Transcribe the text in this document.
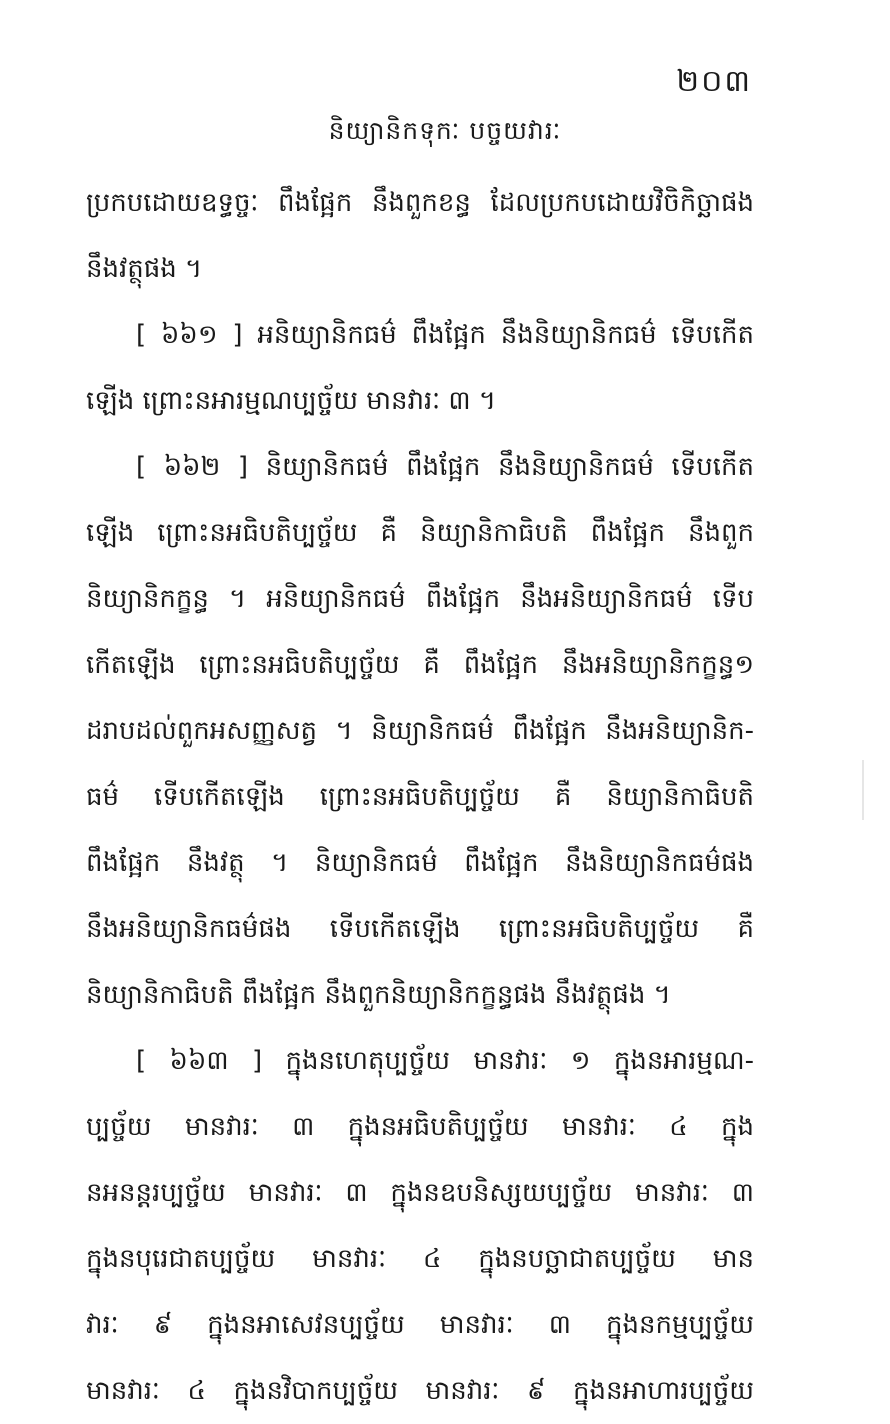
២០៣
និយ្យានិកទុកៈ បច្ចយវារៈ
ប្រកបដោយឧទ្ធច្ចៈ ពឹងផ្អែក នឹងពួកខន្ធ ដែលប្រកបដោយវិចិកិច្ឆាផង
នឹងវត្ថុផង ។
[ ៦៦១ ] អនិយ្យានិកធម៌ ពឹងផ្អែក នឹងនិយ្យានិកធម៌ ទើបកើត
ឡើង ព្រោះនអារម្មណប្បច្ច័យ មានវារៈ ៣ ។
[ ៦៦២ ] និយ្យានិកធម៌ ពឹងផ្អែក នឹងនិយ្យានិកធម៌ ទើបកើត
ឡើង ព្រោះនអធិបតិប្បច្ច័យ គឺ និយ្យានិកាធិបតិ ពឹងផ្អែក នឹងពួក
និយ្យានិកក្ខន្ធ ។ អនិយ្យានិកធម៌ ពឹងផ្អែក នឹងអនិយ្យានិកធម៌ ទើប
កើតឡើង ព្រោះនអធិបតិប្បច្ច័យ គឺ ពឹងផ្អែក នឹងអនិយ្យានិកក្ខន្ធ១
ដរាបដល់ពួកអសញ្ញសត្វ ។ និយ្យានិកធម៌ ពឹងផ្អែក នឹងអនិយ្យានិក-
ធម៌ ទើបកើតឡើង ព្រោះនអធិបតិប្បច្ច័យ គឺ និយ្យានិកាធិបតិ
ពឹងផ្អែក នឹងវត្ថុ ។ និយ្យានិកធម៌ ពឹងផ្អែក នឹងនិយ្យានិកធម៌ផង
នឹងអនិយ្យានិកធម៌ផង ទើបកើតឡើង ព្រោះនអធិបតិប្បច្ច័យ គឺ
និយ្យានិកាធិបតិ ពឹងផ្អែក នឹងពួកនិយ្យានិកក្ខន្ធផង នឹងវត្ថុផង ។
[ ៦៦៣ ] ក្នុងនហេតុប្បច្ច័យ មានវារៈ ១ ក្នុងនអារម្មណ-
ប្បច្ច័យ មានវារៈ ៣ ក្នុងនអធិបតិប្បច្ច័យ មានវារៈ ៤ ក្នុង
នអនន្តរប្បច្ច័យ មានវារៈ ៣ ក្នុងនឧបនិស្សយប្បច្ច័យ មានវារៈ ៣
ក្នុងនបុរេជាតប្បច្ច័យ មានវារៈ ៤ ក្នុងនបច្ឆាជាតប្បច្ច័យ មាន
វារៈ ៩ ក្នុងនអាសេវនប្បច្ច័យ មានវារៈ ៣ ក្នុងនកម្មប្បច្ច័យ
មានវារៈ ៤ ក្នុងនវិបាកប្បច្ច័យ មានវារៈ ៩ ក្នុងនអាហារប្បច្ច័យ
